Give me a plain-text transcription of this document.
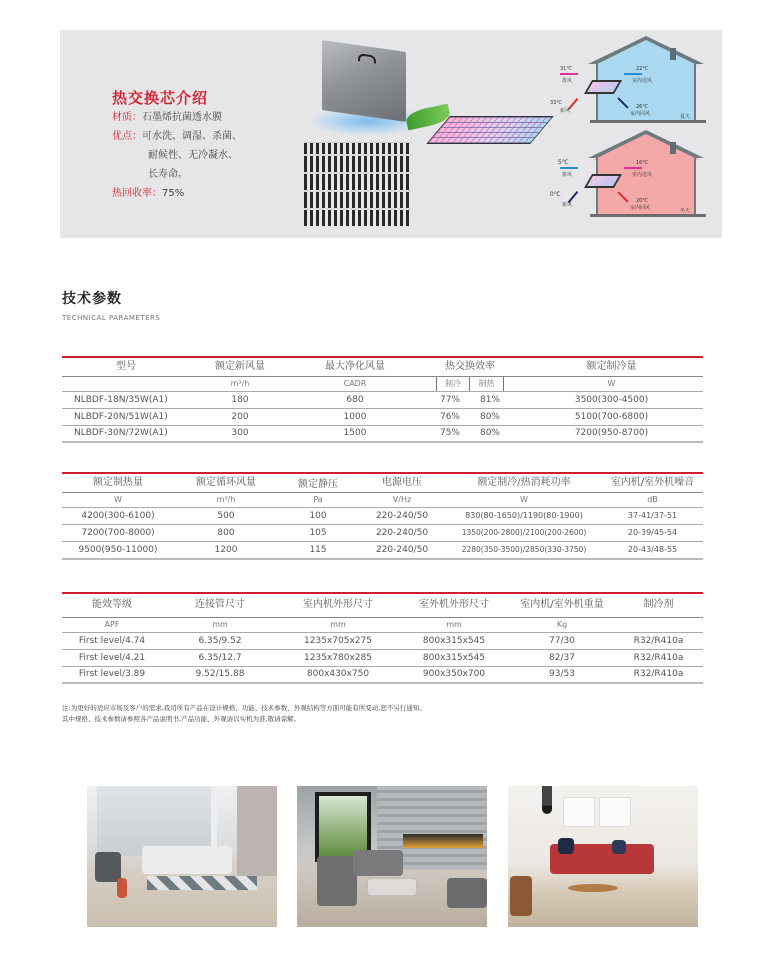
热交换芯介绍
材质：石墨烯抗菌透水膜
优点：可水洗、调湿、杀菌、
耐候性、无冷凝水、
长寿命。
热回收率：75%
31℃
排风
33℃
新风
22℃
室内送风
26℃
室内回风	夏天
5℃
排风
0℃
新风
16℃
室内送风
20℃
室内回风	冬天
技术参数
TECHNICAL PARAMETERS
型号	额定新风量	最大净化风量	热交换效率	额定制冷量
	m³/h	CADR	制冷 制热	W
NLBDF-18N/35W(A1)	180	680	77% 81%	3500(300-4500)
NLBDF-20N/51W(A1)	200	1000	76% 80%	5100(700-6800)
NLBDF-30N/72W(A1)	300	1500	75% 80%	7200(950-8700)
额定制热量	额定循环风量	额定静压	电源电压	额定制冷/热消耗功率	室内机/室外机噪音
W	m³/h	Pa	V/Hz	W	dB
4200(300-6100)	500	100	220-240/50	830(80-1650)/1190(80-1900)	37-41/37-51
7200(700-8000)	800	105	220-240/50	1350(200-2800)/2100(200-2600)	20-39/45-54
9500(950-11000)	1200	115	220-240/50	2280(350-3500)/2850(330-3750)	20-43/48-55
能效等级	连接管尺寸	室内机外形尺寸	室外机外形尺寸	室内机/室外机重量	制冷剂
APF	mm	mm	mm	Kg	
First level/4.74	6.35/9.52	1235x705x275	800x315x545	77/30	R32/R410a
First level/4.21	6.35/12.7	1235x780x285	800x315x545	82/37	R32/R410a
First level/3.89	9.52/15.88	800x430x750	900x350x700	93/53	R32/R410a
注:为更好的适应市场及客户的需求,我司所有产品在设计规格、功能、技术参数、外观结构等方面可能有所变动,恕不另行通知。
其中规格、技术参数请参照各产品说明书,产品功能、外观请以实机为准,敬请谅解。
